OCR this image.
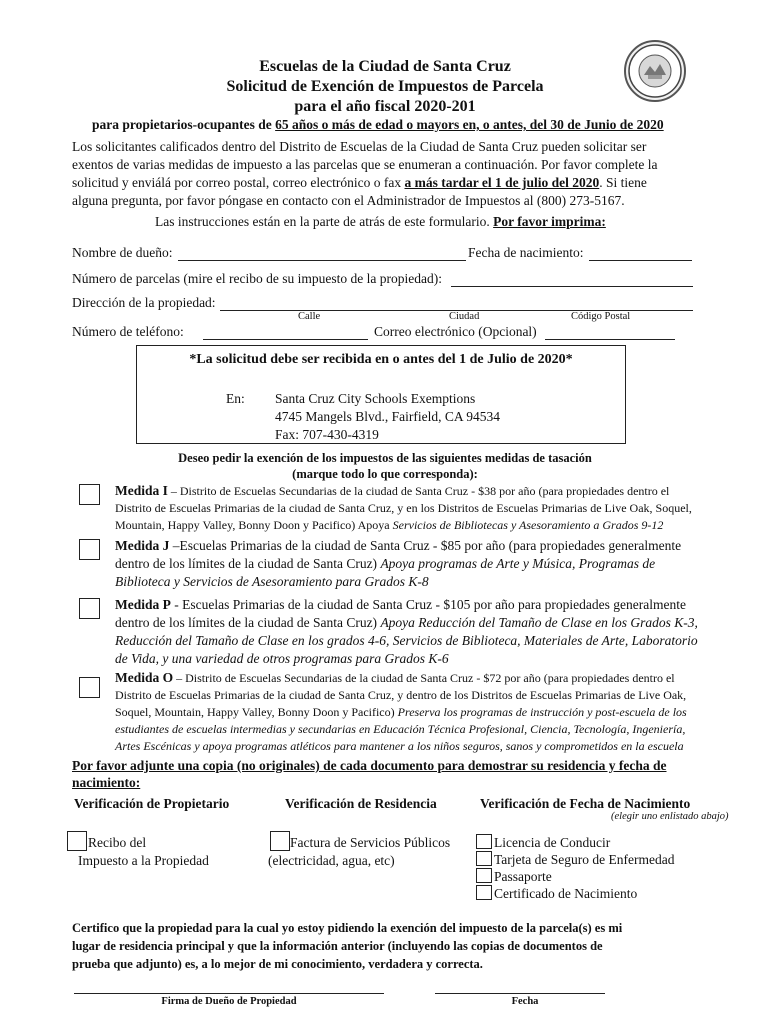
Escuelas de la Ciudad de Santa Cruz
Solicitud de Exención de Impuestos de Parcela
para el año fiscal 2020-201
para propietarios-ocupantes de 65 años o más de edad o mayors en, o antes, del 30 de Junio de 2020
Los solicitantes calificados dentro del Distrito de Escuelas de la Ciudad de Santa Cruz pueden solicitar ser
exentos de varias medidas de impuesto a las parcelas que se enumeran a continuación. Por favor complete la
solicitud y enviálá por correo postal, correo electrónico o fax a más tardar el 1 de julio del 2020. Si tiene
alguna pregunta, por favor póngase en contacto con el Administrador de Impuestos al (800) 273-5167.
Las instrucciones están en la parte de atrás de este formulario. Por favor imprima:
Nombre de dueño:	Fecha de nacimiento:
Número de parcelas (mire el recibo de su impuesto de la propiedad):
Dirección de la propiedad:
Calle	Ciudad	Código Postal
Número de teléfono:	Correo electrónico (Opcional)
*La solicitud debe ser recibida en o antes del 1 de Julio de 2020*
En: Santa Cruz City Schools Exemptions
4745 Mangels Blvd., Fairfield, CA 94534
Fax: 707-430-4319
Deseo pedir la exención de los impuestos de las siguientes medidas de tasación
(marque todo lo que corresponda):
Medida I – Distrito de Escuelas Secundarias de la ciudad de Santa Cruz - $38 por año (para propiedades dentro el
Distrito de Escuelas Primarias de la ciudad de Santa Cruz, y en los Distritos de Escuelas Primarias de Live Oak, Soquel,
Mountain, Happy Valley, Bonny Doon y Pacifico) Apoya Servicios de Bibliotecas y Asesoramiento a Grados 9-12
Medida J –Escuelas Primarias de la ciudad de Santa Cruz - $85 por año (para propiedades generalmente
dentro de los límites de la ciudad de Santa Cruz) Apoya programas de Arte y Música, Programas de
Biblioteca y Servicios de Asesoramiento para Grados K-8
Medida P - Escuelas Primarias de la ciudad de Santa Cruz - $105 por año para propiedades generalmente
dentro de los límites de la ciudad de Santa Cruz) Apoya Reducción del Tamaño de Clase en los Grados K-3,
Reducción del Tamaño de Clase en los grados 4-6, Servicios de Biblioteca, Materiales de Arte, Laboratorio
de Vida, y una variedad de otros programas para Grados K-6
Medida O – Distrito de Escuelas Secundarias de la ciudad de Santa Cruz - $72 por año (para propiedades dentro el
Distrito de Escuelas Primarias de la ciudad de Santa Cruz, y dentro de los Distritos de Escuelas Primarias de Live Oak,
Soquel, Mountain, Happy Valley, Bonny Doon y Pacifico) Preserva los programas de instrucción y post-escuela de los
estudiantes de escuelas intermedias y secundarias en Educación Técnica Profesional, Ciencia, Tecnología, Ingeniería,
Artes Escénicas y apoya programas atléticos para mantener a los niños seguros, sanos y comprometidos en la escuela
Por favor adjunte una copia (no originales) de cada documento para demostrar su residencia y fecha de
nacimiento:
Verificación de Propietario	Verificación de Residencia	Verificación de Fecha de Nacimiento
(elegir uno enlistado abajo)
Recibo del
Impuesto a la Propiedad
Factura de Servicios Públicos
(electricidad, agua, etc)
Licencia de Conducir
Tarjeta de Seguro de Enfermedad
Passaporte
Certificado de Nacimiento
Certifico que la propiedad para la cual yo estoy pidiendo la exención del impuesto de la parcela(s) es mi
lugar de residencia principal y que la información anterior (incluyendo las copias de documentos de
prueba que adjunto) es, a lo mejor de mi conocimiento, verdadera y correcta.
Firma de Dueño de Propiedad	Fecha
